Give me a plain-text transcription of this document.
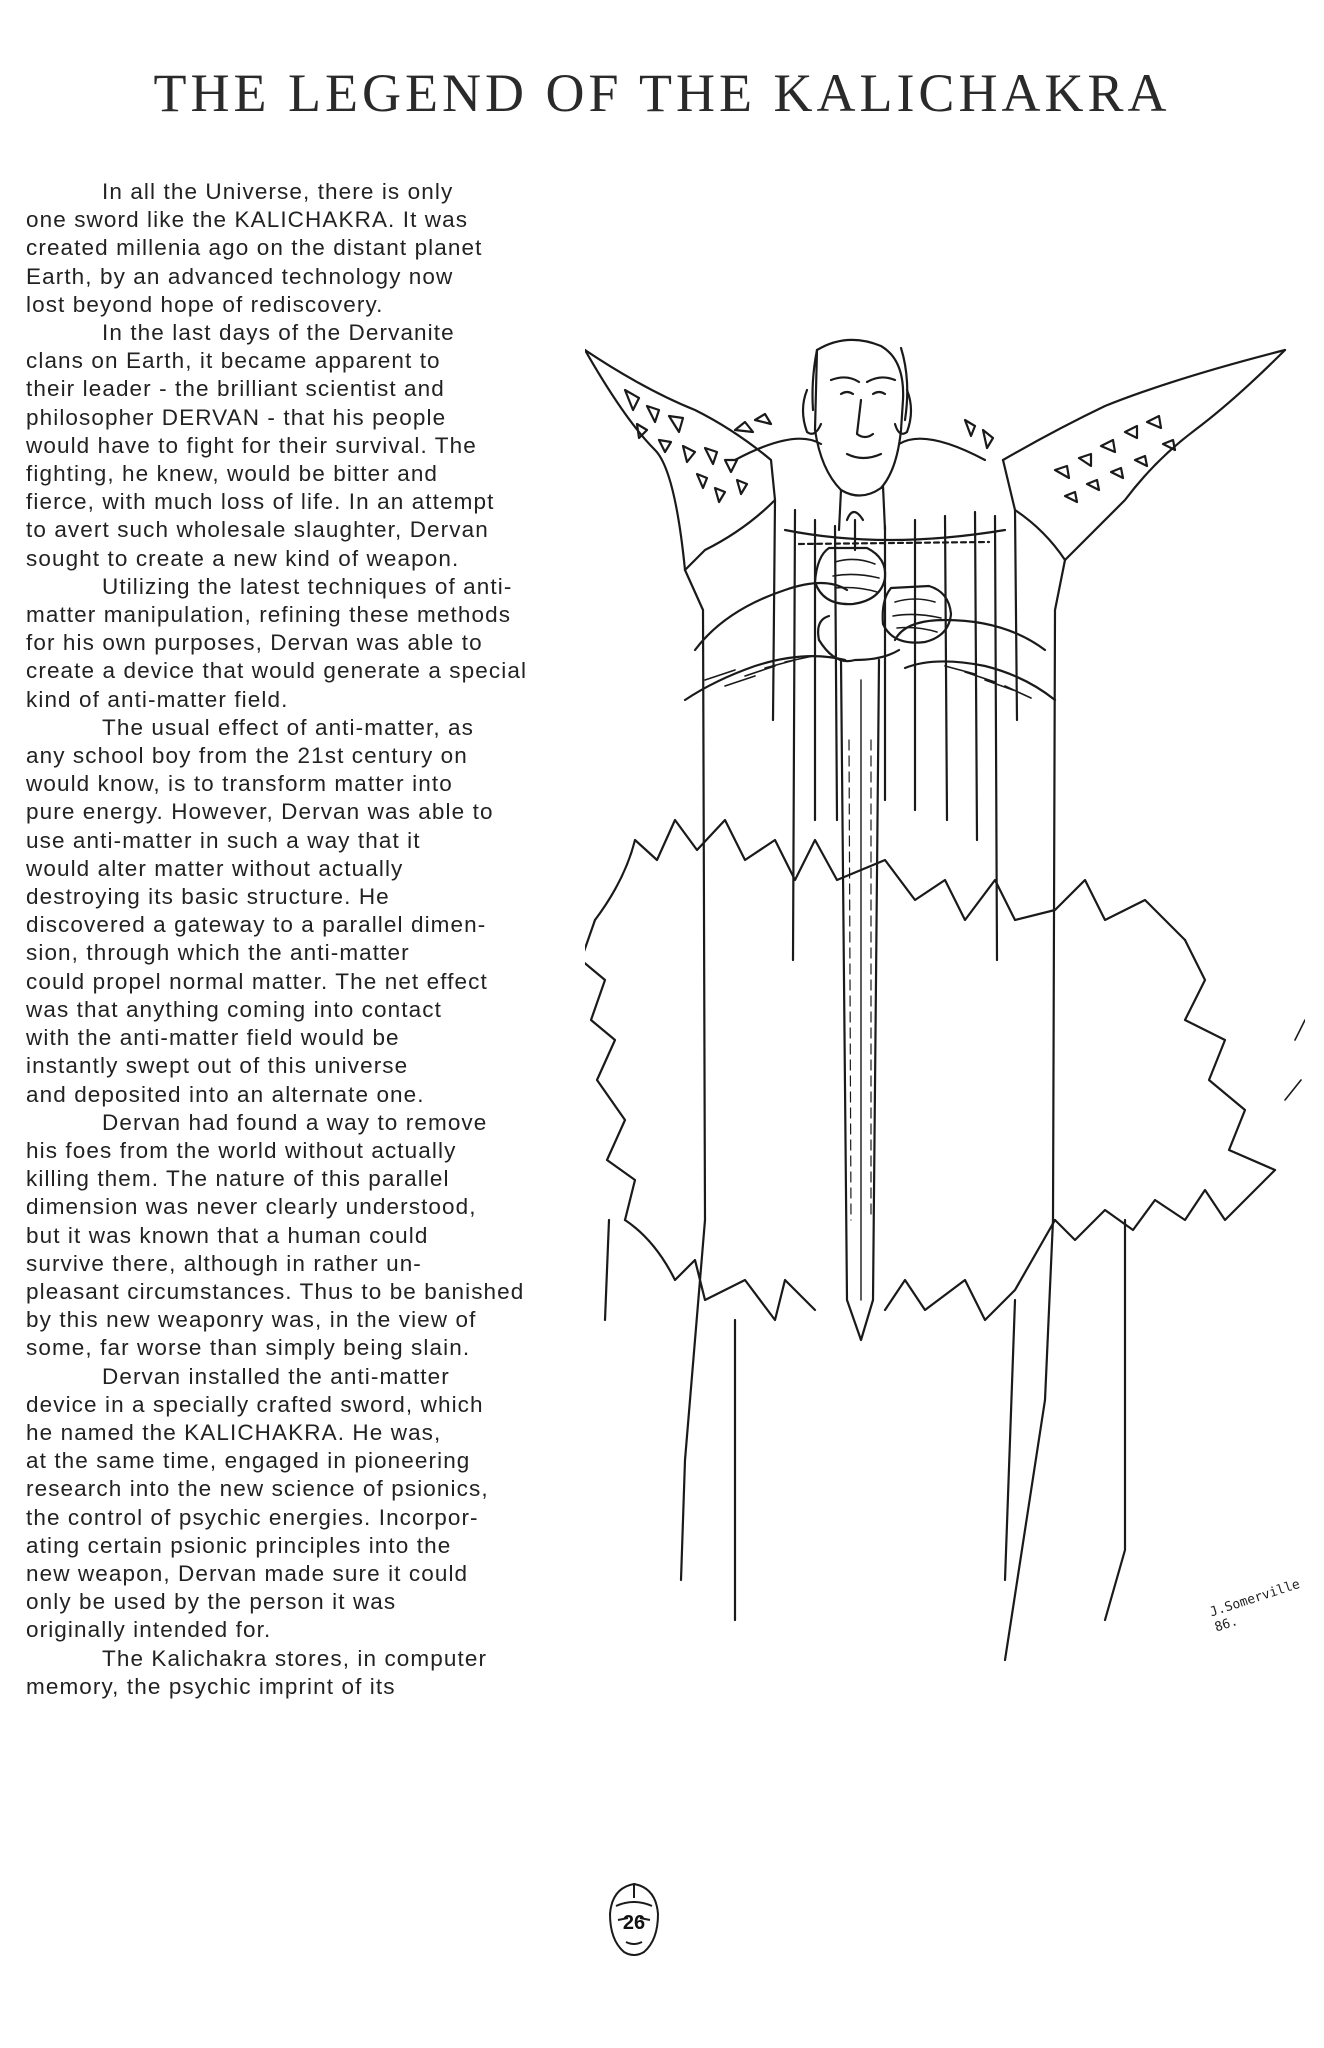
THE LEGEND OF THE KALICHAKRA
In all the Universe, there is only
one sword like the KALICHAKRA. It was
created millenia ago on the distant planet
Earth, by an advanced technology now
lost beyond hope of rediscovery.
In the last days of the Dervanite
clans on Earth, it became apparent to
their leader - the brilliant scientist and
philosopher DERVAN - that his people
would have to fight for their survival. The
fighting, he knew, would be bitter and
fierce, with much loss of life. In an attempt
to avert such wholesale slaughter, Dervan
sought to create a new kind of weapon.
Utilizing the latest techniques of anti-
matter manipulation, refining these methods
for his own purposes, Dervan was able to
create a device that would generate a special
kind of anti-matter field.
The usual effect of anti-matter, as
any school boy from the 21st century on
would know, is to transform matter into
pure energy. However, Dervan was able to
use anti-matter in such a way that it
would alter matter without actually
destroying its basic structure. He
discovered a gateway to a parallel dimen-
sion, through which the anti-matter
could propel normal matter. The net effect
was that anything coming into contact
with the anti-matter field would be
instantly swept out of this universe
and deposited into an alternate one.
Dervan had found a way to remove
his foes from the world without actually
killing them. The nature of this parallel
dimension was never clearly understood,
but it was known that a human could
survive there, although in rather un-
pleasant circumstances. Thus to be banished
by this new weaponry was, in the view of
some, far worse than simply being slain.
Dervan installed the anti-matter
device in a specially crafted sword, which
he named the KALICHAKRA. He was,
at the same time, engaged in pioneering
research into the new science of psionics,
the control of psychic energies. Incorpor-
ating certain psionic principles into the
new weapon, Dervan made sure it could
only be used by the person it was
originally intended for.
The Kalichakra stores, in computer
memory, the psychic imprint of its
J.Somerville
86.
26
